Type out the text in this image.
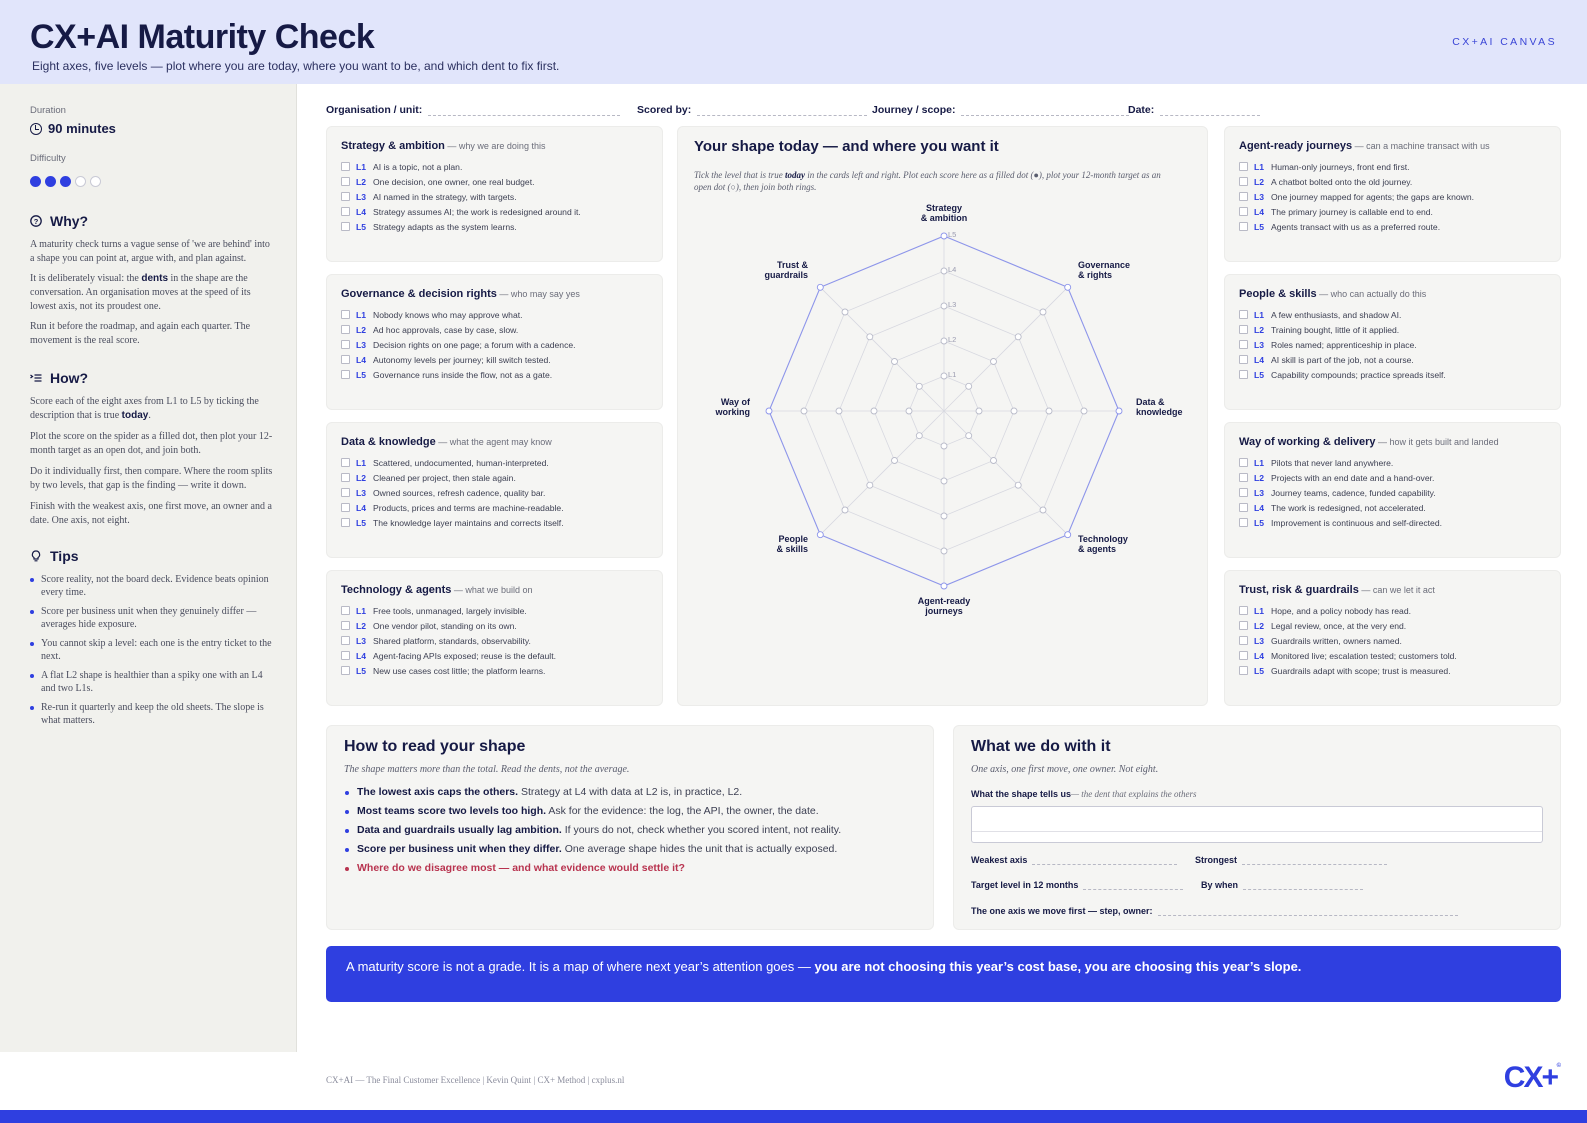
CX+AI Maturity Check
Eight axes, five levels — plot where you are today, where you want to be, and which dent to fix first.
CX+AI CANVAS
Duration
90 minutes
Difficulty
? Why?

A maturity check turns a vague sense of 'we are behind' into a shape you can point at, argue with, and plan against.

It is deliberately visual: the dents in the shape are the conversation. An organisation moves at the speed of its lowest axis, not its proudest one.

Run it before the roadmap, and again each quarter. The movement is the real score.

How?

Score each of the eight axes from L1 to L5 by ticking the description that is true today.

Plot the score on the spider as a filled dot, then plot your 12-month target as an open dot, and join both.

Do it individually first, then compare. Where the room splits by two levels, that gap is the finding — write it down.

Finish with the weakest axis, one first move, an owner and a date. One axis, not eight.

Tips
Score reality, not the board deck. Evidence beats opinion every time.
Score per business unit when they genuinely differ — averages hide exposure.
You cannot skip a level: each one is the entry ticket to the next.
A flat L2 shape is healthier than a spiky one with an L4 and two L1s.
Re-run it quarterly and keep the old sheets. The slope is what matters.
Organisation / unit:	Scored by:	Journey / scope:	Date:
Strategy & ambition — why we are doing this
L1 AI is a topic, not a plan.
L2 One decision, one owner, one real budget.
L3 AI named in the strategy, with targets.
L4 Strategy assumes AI; the work is redesigned around it.
L5 Strategy adapts as the system learns.
Governance & decision rights — who may say yes
L1 Nobody knows who may approve what.
L2 Ad hoc approvals, case by case, slow.
L3 Decision rights on one page; a forum with a cadence.
L4 Autonomy levels per journey; kill switch tested.
L5 Governance runs inside the flow, not as a gate.
Data & knowledge — what the agent may know
L1 Scattered, undocumented, human-interpreted.
L2 Cleaned per project, then stale again.
L3 Owned sources, refresh cadence, quality bar.
L4 Products, prices and terms are machine-readable.
L5 The knowledge layer maintains and corrects itself.
Technology & agents — what we build on
L1 Free tools, unmanaged, largely invisible.
L2 One vendor pilot, standing on its own.
L3 Shared platform, standards, observability.
L4 Agent-facing APIs exposed; reuse is the default.
L5 New use cases cost little; the platform learns.
Agent-ready journeys — can a machine transact with us
L1 Human-only journeys, front end first.
L2 A chatbot bolted onto the old journey.
L3 One journey mapped for agents; the gaps are known.
L4 The primary journey is callable end to end.
L5 Agents transact with us as a preferred route.
People & skills — who can actually do this
L1 A few enthusiasts, and shadow AI.
L2 Training bought, little of it applied.
L3 Roles named; apprenticeship in place.
L4 AI skill is part of the job, not a course.
L5 Capability compounds; practice spreads itself.
Way of working & delivery — how it gets built and landed
L1 Pilots that never land anywhere.
L2 Projects with an end date and a hand-over.
L3 Journey teams, cadence, funded capability.
L4 The work is redesigned, not accelerated.
L5 Improvement is continuous and self-directed.
Trust, risk & guardrails — can we let it act
L1 Hope, and a policy nobody has read.
L2 Legal review, once, at the very end.
L3 Guardrails written, owners named.
L4 Monitored live; escalation tested; customers told.
L5 Guardrails adapt with scope; trust is measured.
Your shape today — and where you want it

Tick the level that is true today in the cards left and right. Plot each score here as a filled dot (●), plot your 12-month target as an open dot (○), then join both rings.

L1
L2
L3
L4
L5
Strategy
& ambition
Governance
& rights
Data &
knowledge
Technology
& agents
Agent-ready
journeys
People
& skills
Way of
working
Trust &
guardrails
How to read your shape

The shape matters more than the total. Read the dents, not the average.

The lowest axis caps the others. Strategy at L4 with data at L2 is, in practice, L2.
Most teams score two levels too high. Ask for the evidence: the log, the API, the owner, the date.
Data and guardrails usually lag ambition. If yours do not, check whether you scored intent, not reality.
Score per business unit when they differ. One average shape hides the unit that is actually exposed.
Where do we disagree most — and what evidence would settle it?
What we do with it

One axis, one first move, one owner. Not eight.

What the shape tells us — the dent that explains the others
Weakest axis	Strongest
Target level in 12 months	By when
The one axis we move first — step, owner:
A maturity score is not a grade. It is a map of where next year’s attention goes — you are not choosing this year’s cost base, you are choosing this year’s slope.
CX+AI — The Final Customer Excellence | Kevin Quint | CX+ Method | cxplus.nl	CX+ ©
